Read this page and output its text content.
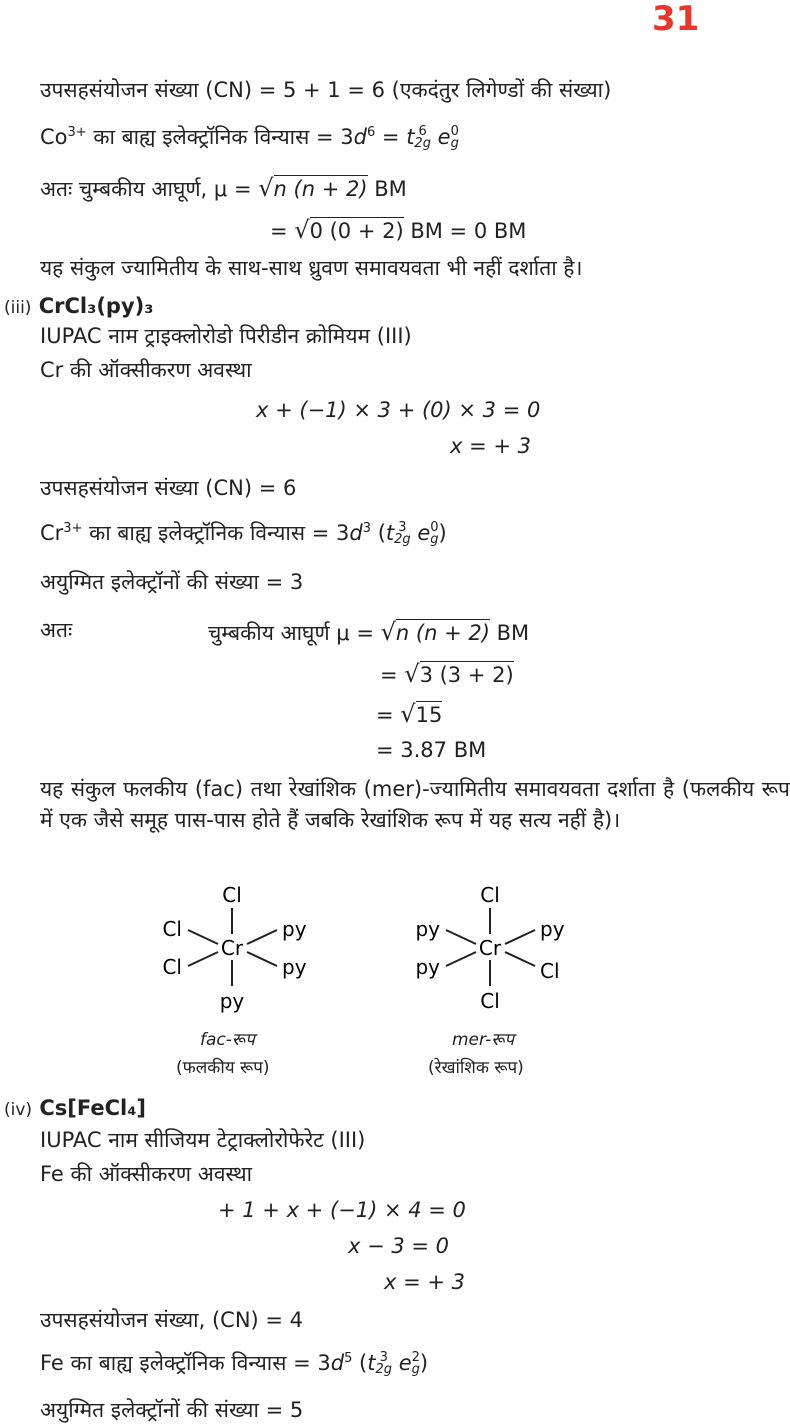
31
उपसहसंयोजन संख्या (CN) = 5 + 1 = 6 (एकदंतुर लिगेण्डों की संख्या)
$Co^{3+}$ का बाह्य इलेक्ट्रॉनिक विन्यास = $3d^6 = t$ 6
2g e0
g
अतः चुम्बकीय आघूर्ण, μ = √n (n + 2) BM
= √0 (0 + 2) BM = 0 BM
यह संकुल ज्यामितीय के साथ-साथ ध्रुवण समावयवता भी नहीं दर्शाता है।
(iii) CrCl₃(py)₃
IUPAC नाम ट्राइक्लोरोडो पिरीडीन क्रोमियम (III)
Cr की ऑक्सीकरण अवस्था
x + (−1) × 3 + (0) × 3 = 0
x = + 3
उपसहसंयोजन संख्या (CN) = 6
$Cr^{3+}$ का बाह्य इलेक्ट्रॉनिक विन्यास = $3d^3$ (t 3
2g e0
g)
अयुग्मित इलेक्ट्रॉनों की संख्या = 3
अतः	चुम्बकीय आघूर्ण μ = √n (n + 2) BM
= √3 (3 + 2)
= √15
= 3.87 BM
यह संकुल फलकीय (fac) तथा रेखांशिक (mer)-ज्यामितीय समावयवता दर्शाता है (फलकीय रूप में एक जैसे समूह पास-पास होते हैं जबकि रेखांशिक रूप में यह सत्य नहीं है)।
Cl
Cr
Cl
Cl
py
py
py
Cl
Cr
py
py
py
Cl
Cl
fac-रूप
(फलकीय रूप)
mer-रूप
(रेखांशिक रूप)
(iv) Cs[FeCl₄]
IUPAC नाम सीजियम टेट्राक्लोरोफेरेट (III)
Fe की ऑक्सीकरण अवस्था
+ 1 + x + (−1) × 4 = 0
x − 3 = 0
x = + 3
उपसहसंयोजन संख्या, (CN) = 4
Fe का बाह्य इलेक्ट्रॉनिक विन्यास = $3d^5$ (t 3
2g e2
g)
अयुग्मित इलेक्ट्रॉनों की संख्या = 5
